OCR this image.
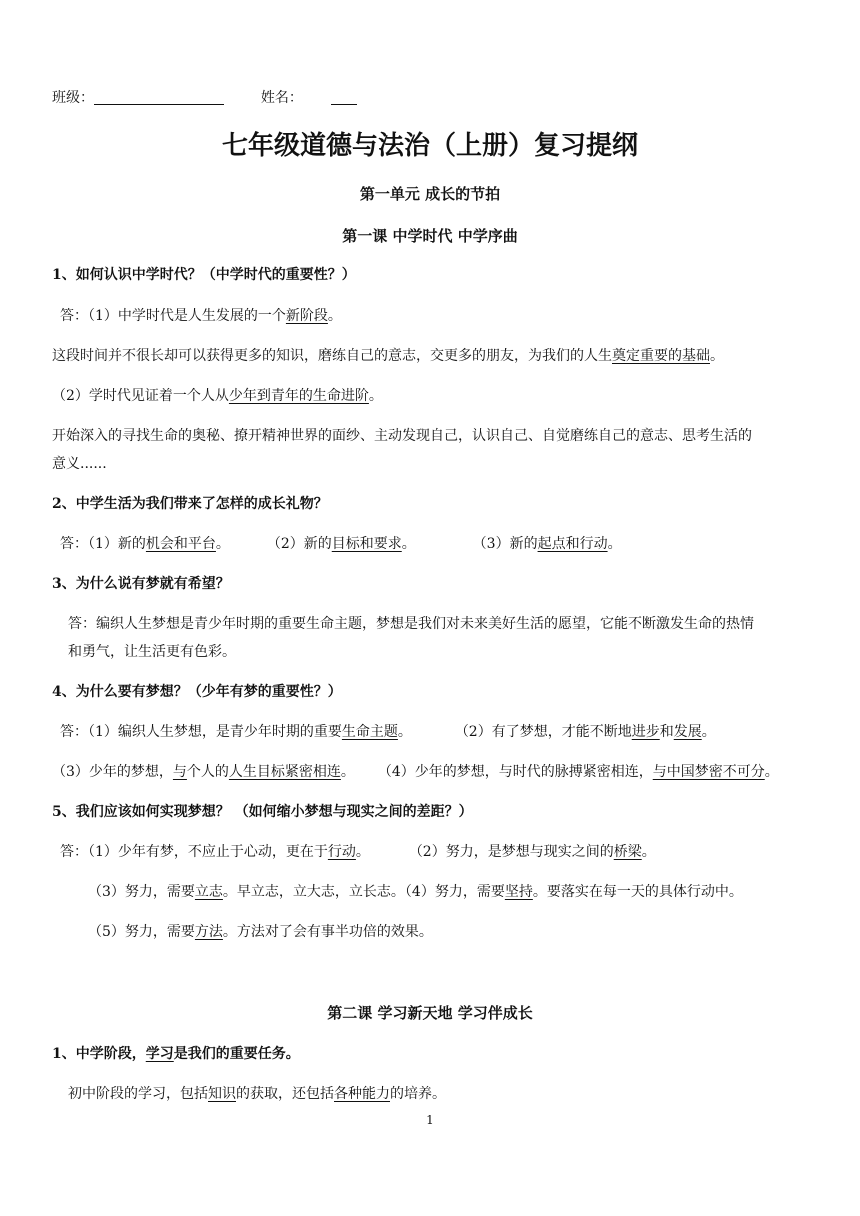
班级：	姓名：
七年级道德与法治（上册）复习提纲
第一单元 成长的节拍
第一课 中学时代 中学序曲
1、如何认识中学时代？（中学时代的重要性？）
答：（1）中学时代是人生发展的一个新阶段。
这段时间并不很长却可以获得更多的知识，磨练自己的意志，交更多的朋友，为我们的人生奠定重要的基础。
（2）学时代见证着一个人从少年到青年的生命进阶。
开始深入的寻找生命的奥秘、撩开精神世界的面纱、主动发现自己，认识自己、自觉磨练自己的意志、思考生活的
意义......
2、中学生活为我们带来了怎样的成长礼物？
答：（1）新的机会和平台。	（2）新的目标和要求。	（3）新的起点和行动。
3、为什么说有梦就有希望？
答：编织人生梦想是青少年时期的重要生命主题，梦想是我们对未来美好生活的愿望，它能不断激发生命的热情
和勇气，让生活更有色彩。
4、为什么要有梦想？（少年有梦的重要性？）
答：（1）编织人生梦想，是青少年时期的重要生命主题。	（2）有了梦想，才能不断地进步和发展。
（3）少年的梦想，与个人的人生目标紧密相连。 （4）少年的梦想，与时代的脉搏紧密相连，与中国梦密不可分。
5、我们应该如何实现梦想？ （如何缩小梦想与现实之间的差距？）
答：（1）少年有梦，不应止于心动，更在于行动。	（2）努力，是梦想与现实之间的桥梁。
（3）努力，需要立志。早立志，立大志，立长志。（4）努力，需要坚持。要落实在每一天的具体行动中。
（5）努力，需要方法。方法对了会有事半功倍的效果。
第二课 学习新天地 学习伴成长
1、中学阶段，学习是我们的重要任务。
初中阶段的学习，包括知识的获取，还包括各种能力的培养。
1
